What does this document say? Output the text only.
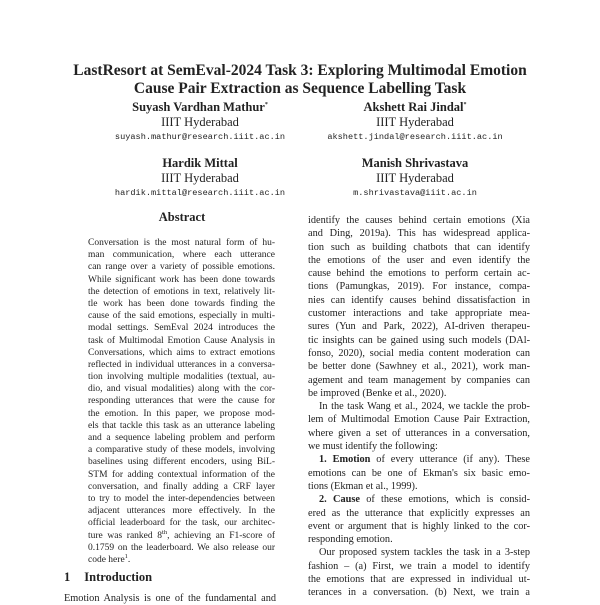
LastResort at SemEval-2024 Task 3: Exploring Multimodal Emotion
Cause Pair Extraction as Sequence Labelling Task
Suyash Vardhan Mathur*
IIIT Hyderabad
suyash.mathur@research.iiit.ac.in
Akshett Rai Jindal*
IIIT Hyderabad
akshett.jindal@research.iiit.ac.in
Hardik Mittal
IIIT Hyderabad
hardik.mittal@research.iiit.ac.in
Manish Shrivastava
IIIT Hyderabad
m.shrivastava@iiit.ac.in
Abstract
Conversation is the most natural form of hu-
man communication, where each utterance
can range over a variety of possible emotions.
While significant work has been done towards
the detection of emotions in text, relatively lit-
tle work has been done towards finding the
cause of the said emotions, especially in multi-
modal settings. SemEval 2024 introduces the
task of Multimodal Emotion Cause Analysis in
Conversations, which aims to extract emotions
reflected in individual utterances in a conversa-
tion involving multiple modalities (textual, au-
dio, and visual modalities) along with the cor-
responding utterances that were the cause for
the emotion. In this paper, we propose mod-
els that tackle this task as an utterance labeling
and a sequence labeling problem and perform
a comparative study of these models, involving
baselines using different encoders, using BiL-
STM for adding contextual information of the
conversation, and finally adding a CRF layer
to try to model the inter-dependencies between
adjacent utterances more effectively. In the
official leaderboard for the task, our architec-
ture was ranked 8th, achieving an F1-score of
0.1759 on the leaderboard. We also release our
code here$^1$.
1 Introduction
Emotion Analysis is one of the fundamental and
identify the causes behind certain emotions (Xia
and Ding, 2019a). This has widespread applica-
tion such as building chatbots that can identify
the emotions of the user and even identify the
cause behind the emotions to perform certain ac-
tions (Pamungkas, 2019). For instance, compa-
nies can identify causes behind dissatisfaction in
customer interactions and take appropriate mea-
sures (Yun and Park, 2022), AI-driven therapeu-
tic insights can be gained using such models (DAl-
fonso, 2020), social media content moderation can
be better done (Sawhney et al., 2021), work man-
agement and team management by companies can
be improved (Benke et al., 2020).
In the task Wang et al., 2024, we tackle the prob-
lem of Multimodal Emotion Cause Pair Extraction,
where given a set of utterances in a conversation,
we must identify the following:
1. Emotion of every utterance (if any). These
emotions can be one of Ekman's six basic emo-
tions (Ekman et al., 1999).
2. Cause of these emotions, which is consid-
ered as the utterance that explicitly expresses an
event or argument that is highly linked to the cor-
responding emotion.
Our proposed system tackles the task in a 3-step
fashion – (a) First, we train a model to identify
the emotions that are expressed in individual ut-
terances in a conversation. (b) Next, we train a
